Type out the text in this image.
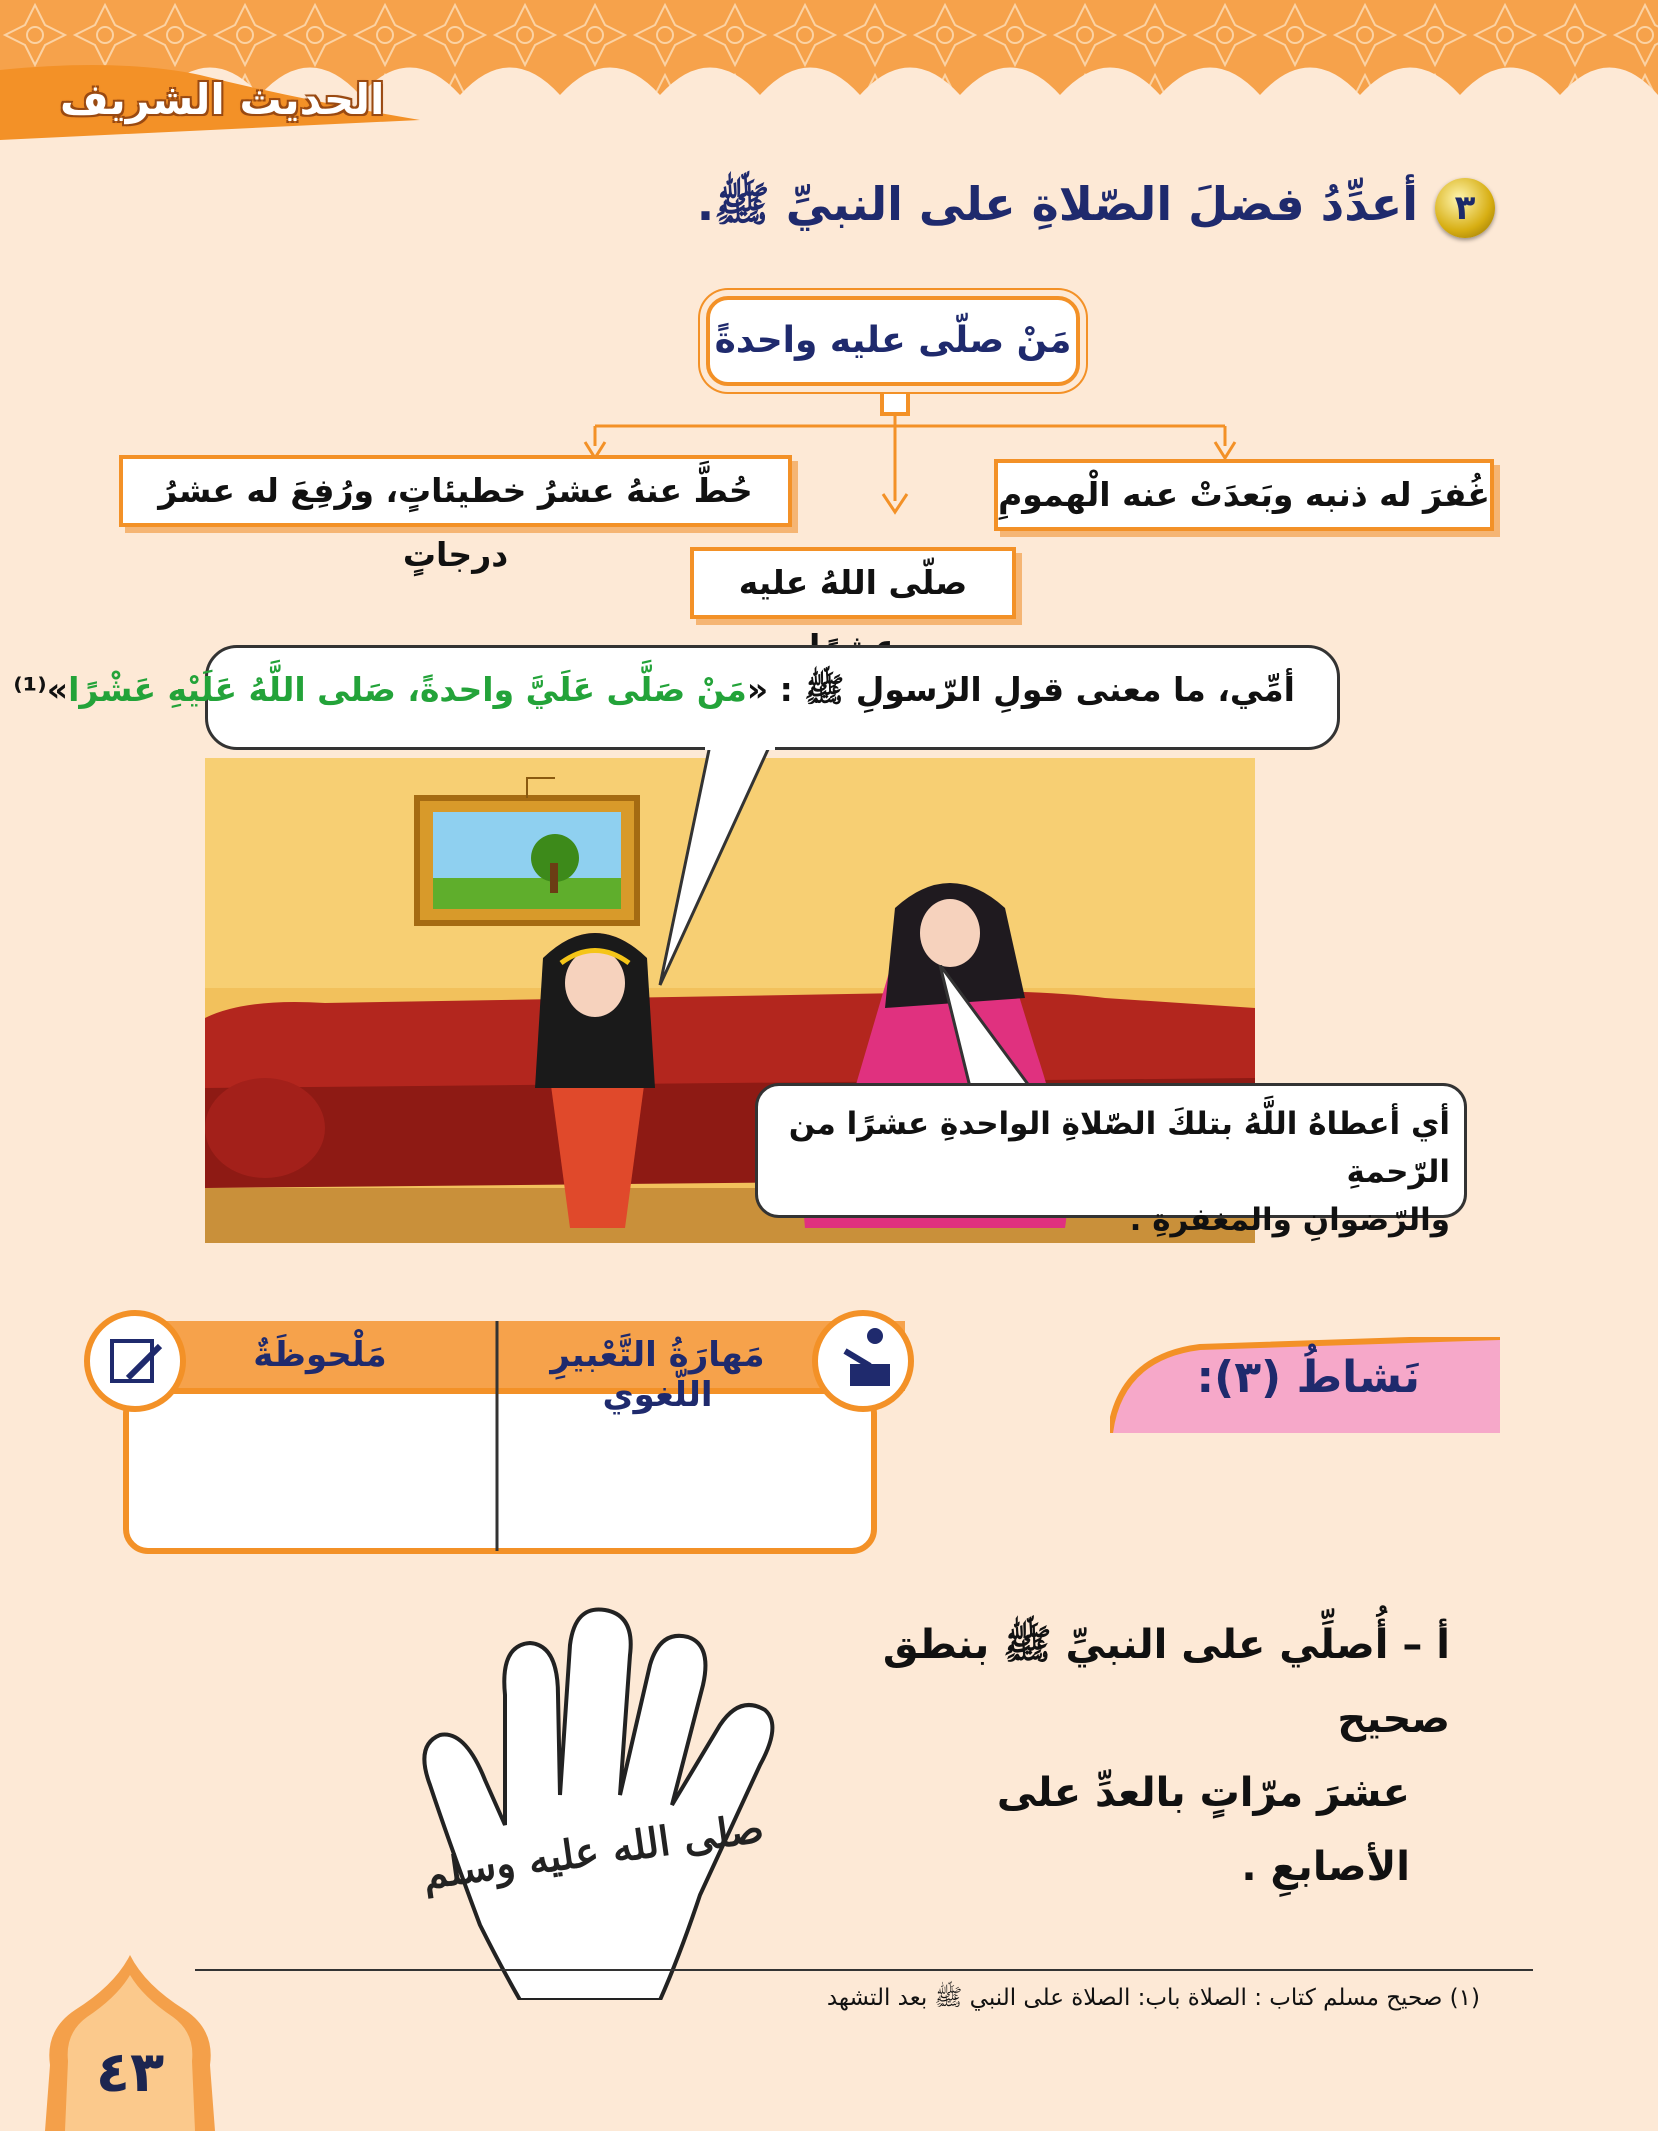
الحديث الشريف
٣
أعدِّدُ فضلَ الصّلاةِ على النبيِّ ﷺ.
مَنْ صلّى عليه واحدةً
غُفرَ له ذنبه وبَعدَتْ عنه الْهمومِ
حُطَّ عنهُ عشرُ خطيئاتٍ، ورُفِعَ له عشرُ درجاتٍ
صلّى اللهُ عليه
أمِّي، ما معنى قولِ الرّسولِ ﷺ : «مَنْ صَلَّى عَلَيَّ واحدةً، صَلى اللَّهُ عَلَيْهِ عَشْرًا»⁽¹⁾
أي أعطاهُ اللَّهُ بتلكَ الصّلاةِ الواحدةِ عشرًا من الرّحمةِ
والرّضوانِ والمغفرةِ .
نَشاطُ (٣):
مَهارَةُ التَّعْبيرِ اللّغوي
مَلْحوظَةٌ
أ – أُصلِّي على النبيِّ ﷺ بنطق صحيح
عشرَ مرّاتٍ بالعدِّ على الأصابعِ .
صلى الله عليه وسلم
(١) صحيح مسلم كتاب : الصلاة باب: الصلاة على النبي ﷺ بعد التشهد
٤٣
